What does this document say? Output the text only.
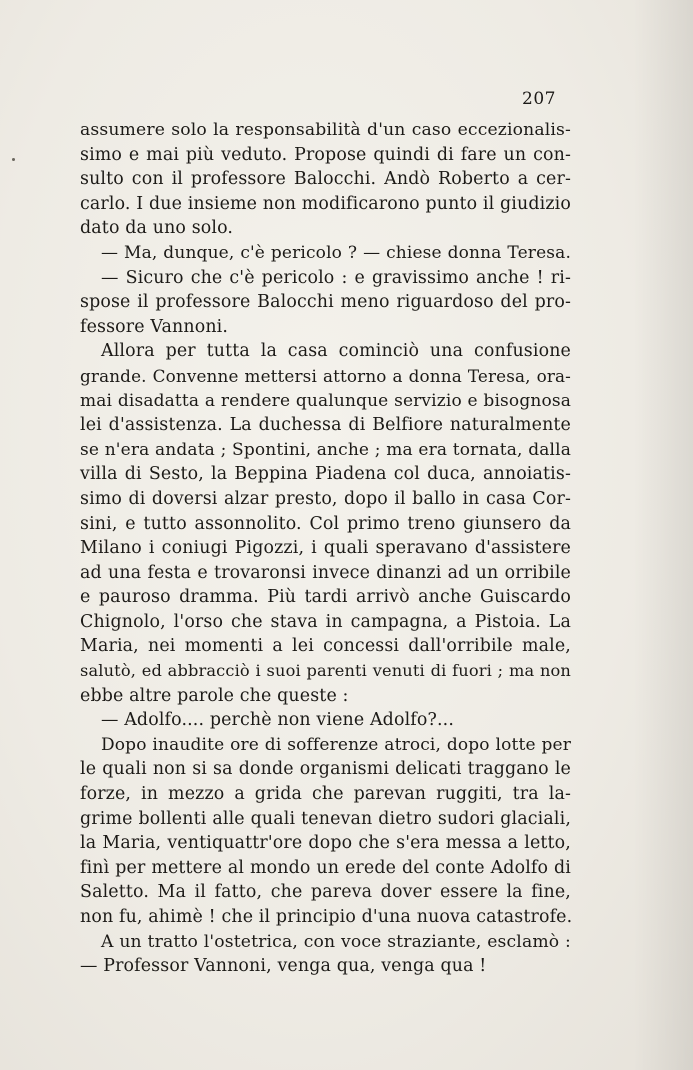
207
assumere solo la responsabilità d'un caso eccezionalis-
simo e mai più veduto. Propose quindi di fare un con-
sulto con il professore Balocchi. Andò Roberto a cer-
carlo. I due insieme non modificarono punto il giudizio
dato da uno solo.
— Ma, dunque, c'è pericolo ? — chiese donna Teresa.
— Sicuro che c'è pericolo : e gravissimo anche ! ri-
spose il professore Balocchi meno riguardoso del pro-
fessore Vannoni.
Allora per tutta la casa cominciò una confusione
grande. Convenne mettersi attorno a donna Teresa, ora-
mai disadatta a rendere qualunque servizio e bisognosa
lei d'assistenza. La duchessa di Belfiore naturalmente
se n'era andata ; Spontini, anche ; ma era tornata, dalla
villa di Sesto, la Beppina Piadena col duca, annoiatis-
simo di doversi alzar presto, dopo il ballo in casa Cor-
sini, e tutto assonnolito. Col primo treno giunsero da
Milano i coniugi Pigozzi, i quali speravano d'assistere
ad una festa e trovaronsi invece dinanzi ad un orribile
e pauroso dramma. Più tardi arrivò anche Guiscardo
Chignolo, l'orso che stava in campagna, a Pistoia. La
Maria, nei momenti a lei concessi dall'orribile male,
salutò, ed abbracciò i suoi parenti venuti di fuori ; ma non
ebbe altre parole che queste :
— Adolfo.... perchè non viene Adolfo?...
Dopo inaudite ore di sofferenze atroci, dopo lotte per
le quali non si sa donde organismi delicati traggano le
forze, in mezzo a grida che parevan ruggiti, tra la-
grime bollenti alle quali tenevan dietro sudori glaciali,
la Maria, ventiquattr'ore dopo che s'era messa a letto,
finì per mettere al mondo un erede del conte Adolfo di
Saletto. Ma il fatto, che pareva dover essere la fine,
non fu, ahimè ! che il principio d'una nuova catastrofe.
A un tratto l'ostetrica, con voce straziante, esclamò :
— Professor Vannoni, venga qua, venga qua !
